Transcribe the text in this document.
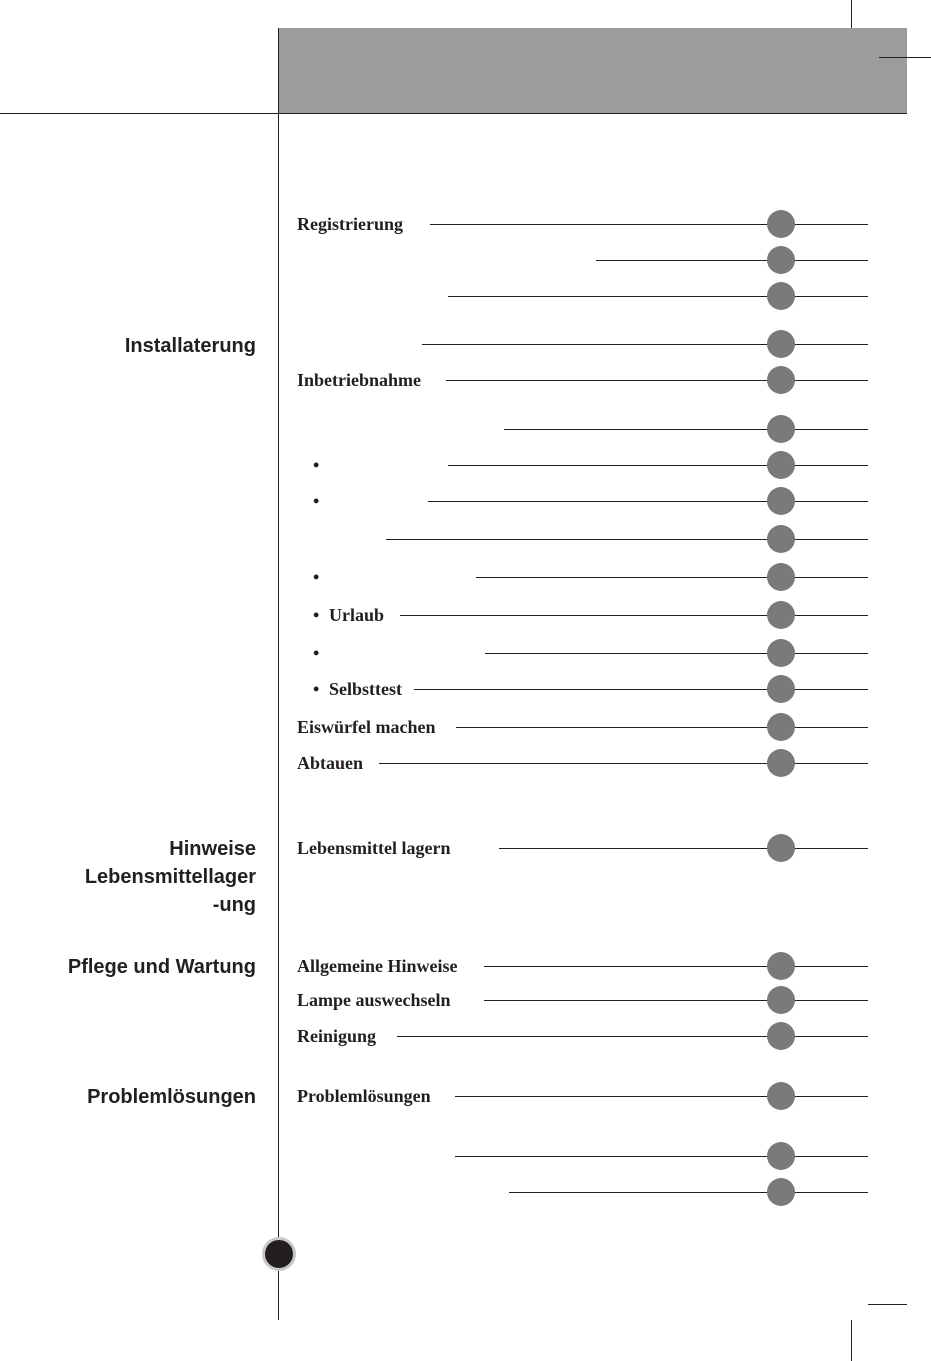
Installaterung
Hinweise
Lebensmittellager
-ung
Pflege und Wartung
Problemlösungen
Registrierung
Inbetriebnahme
•
•
•
• Urlaub
•
• Selbsttest
Eiswürfel machen
Abtauen
Lebensmittel lagern
Allgemeine Hinweise
Lampe auswechseln
Reinigung
Problemlösungen
